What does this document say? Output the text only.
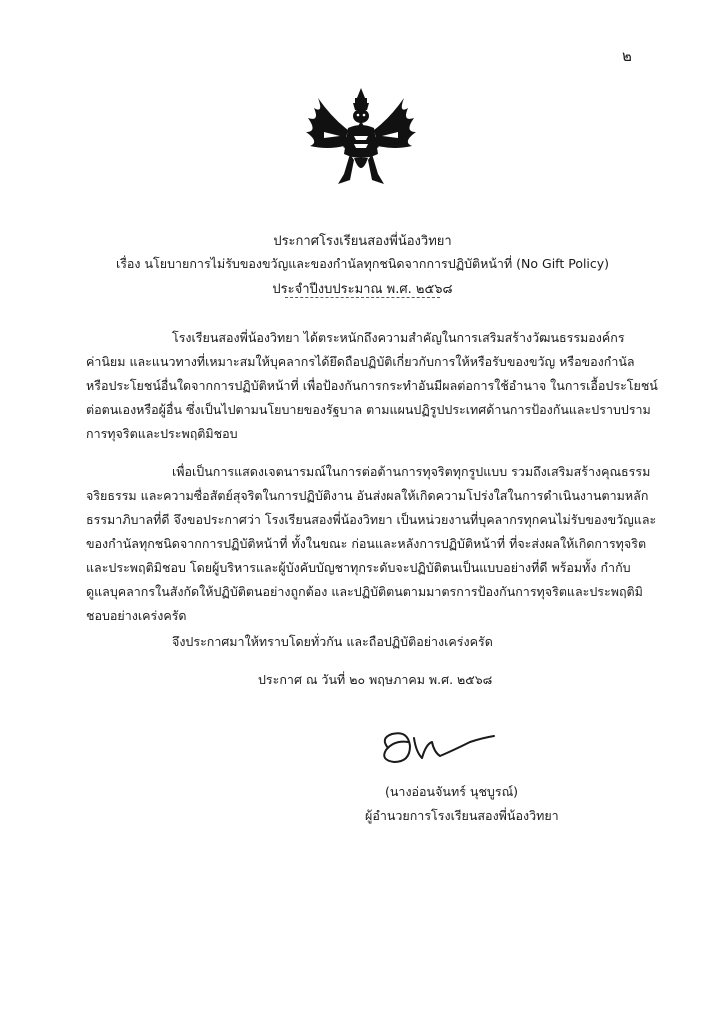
๒
ประกาศโรงเรียนสองพี่น้องวิทยา
เรื่อง นโยบายการไม่รับของขวัญและของกำนัลทุกชนิดจากการปฏิบัติหน้าที่ (No Gift Policy)
ประจำปีงบประมาณ พ.ศ. ๒๕๖๘
โรงเรียนสองพี่น้องวิทยา ได้ตระหนักถึงความสำคัญในการเสริมสร้างวัฒนธรรมองค์กร
ค่านิยม และแนวทางที่เหมาะสมให้บุคลากรได้ยึดถือปฏิบัติเกี่ยวกับการให้หรือรับของขวัญ หรือของกำนัล
หรือประโยชน์อื่นใดจากการปฏิบัติหน้าที่ เพื่อป้องกันการกระทำอันมีผลต่อการใช้อำนาจ ในการเอื้อประโยชน์
ต่อตนเองหรือผู้อื่น ซึ่งเป็นไปตามนโยบายของรัฐบาล ตามแผนปฏิรูปประเทศด้านการป้องกันและปราบปราม
การทุจริตและประพฤติมิชอบ
เพื่อเป็นการแสดงเจตนารมณ์ในการต่อต้านการทุจริตทุกรูปแบบ รวมถึงเสริมสร้างคุณธรรม
จริยธรรม และความซื่อสัตย์สุจริตในการปฏิบัติงาน อันส่งผลให้เกิดความโปร่งใสในการดำเนินงานตามหลัก
ธรรมาภิบาลที่ดี จึงขอประกาศว่า โรงเรียนสองพี่น้องวิทยา เป็นหน่วยงานที่บุคลากรทุกคนไม่รับของขวัญและ
ของกำนัลทุกชนิดจากการปฏิบัติหน้าที่ ทั้งในขณะ ก่อนและหลังการปฏิบัติหน้าที่ ที่จะส่งผลให้เกิดการทุจริต
และประพฤติมิชอบ โดยผู้บริหารและผู้บังคับบัญชาทุกระดับจะปฏิบัติตนเป็นแบบอย่างที่ดี พร้อมทั้ง กำกับ
ดูแลบุคลากรในสังกัดให้ปฏิบัติตนอย่างถูกต้อง และปฏิบัติตนตามมาตรการป้องกันการทุจริตและประพฤติมิ
ชอบอย่างเคร่งครัด
จึงประกาศมาให้ทราบโดยทั่วกัน และถือปฏิบัติอย่างเคร่งครัด
ประกาศ ณ วันที่ ๒๐ พฤษภาคม พ.ศ. ๒๕๖๘
(นางอ่อนจันทร์ นุชบูรณ์)
ผู้อำนวยการโรงเรียนสองพี่น้องวิทยา
